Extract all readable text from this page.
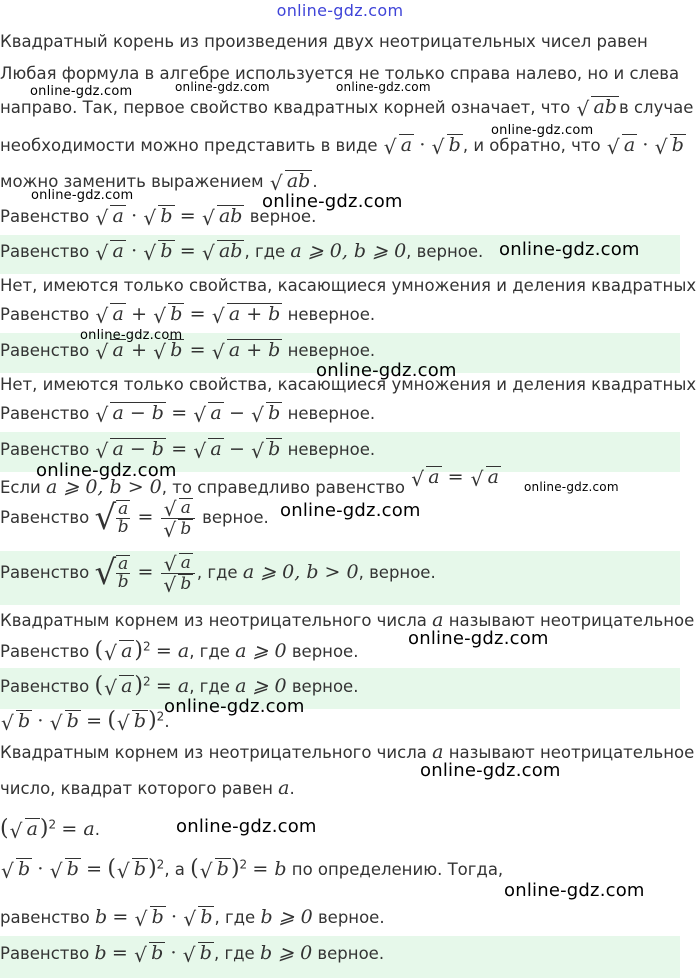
online-gdz.com
Квадратный корень из произведения двух неотрицательных чисел равен
Любая формула в алгебре используется не только справа налево, но и слева
направо. Так, первое свойство квадратных корней означает, что √ ab в случае
необходимости можно представить в виде √ a · √ b , и обратно, что √ a · √ b
можно заменить выражением √ ab .
Равенство √ a · √ b = √ ab верное.
Равенство √ a · √ b = √ ab , где a ⩾ 0, b ⩾ 0, верное.
Нет, имеются только свойства, касающиеся умножения и деления квадратных
Равенство √ a + √ b = √ a + b неверное.
Равенство √ a + √ b = √ a + b неверное.
Нет, имеются только свойства, касающиеся умножения и деления квадратных
Равенство √ a − b = √ a − √ b неверное.
Равенство √ a − b = √ a − √ b неверное.
Если a ⩾ 0, b > 0, то справедливо равенство √ a = √ a
Равенство √ $\frac{a}{b}$ = √ a
√ b верное.
Равенство √ $\frac{a}{b}$ = √ a
√ b , где a ⩾ 0, b > 0, верное.
Квадратным корнем из неотрицательного числа a называют неотрицательное
Равенство ( √ a)$^2$ = a, где a ⩾ 0 верное.
Равенство ( √ a)$^2$ = a, где a ⩾ 0 верное.
√ b · √ b = ( √ b)$^2$.
Квадратным корнем из неотрицательного числа a называют неотрицательное
число, квадрат которого равен a.
( √ a)$^2$ = a.
√ b · √ b = ( √ b)$^2$, а ( √ b)$^2$ = b по определению. Тогда,
равенство b = √ b · √ b , где b ⩾ 0 верное.
Равенство b = √ b · √ b , где b ⩾ 0 верное.
online-gdz.com	online-gdz.com	online-gdz.com
online-gdz.com
online-gdz.com	online-gdz.com
online-gdz.com
online-gdz.com
online-gdz.com
online-gdz.com
online-gdz.com
online-gdz.com
online-gdz.com
online-gdz.com
online-gdz.com
online-gdz.com
online-gdz.com
